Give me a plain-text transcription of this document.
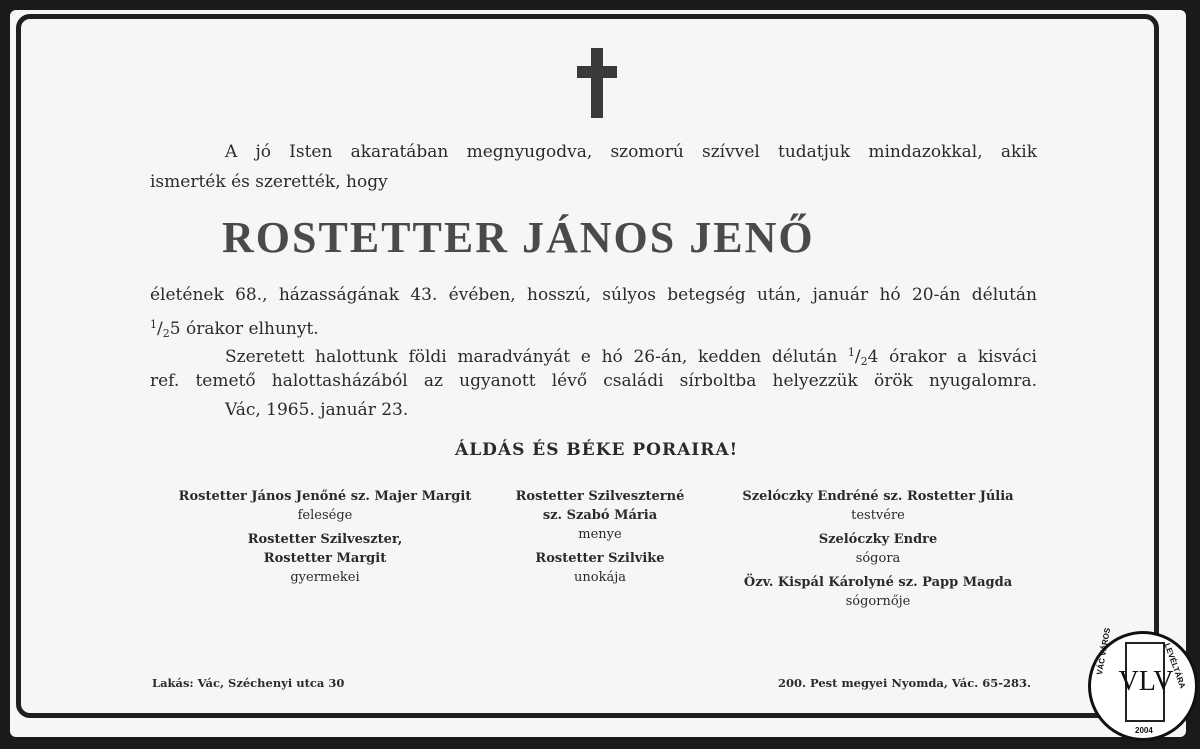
A jó Isten akaratában megnyugodva, szomorú szívvel tudatjuk mindazokkal, akik
ismerték és szerették, hogy
ROSTETTER JÁNOS JENŐ
életének 68., házasságának 43. évében, hosszú, súlyos betegség után, január hó 20-án délután
$^1/_25$ órakor elhunyt.
Szeretett halottunk földi maradványát e hó 26-án, kedden délután $^1/_24$ órakor a kisváci
ref. temető halottasházából az ugyanott lévő családi sírboltba helyezzük örök nyugalomra.
Vác, 1965. január 23.
ÁLDÁS ÉS BÉKE PORAIRA!
Rostetter János Jenőné sz. Majer Margit
felesége
Rostetter Szilveszter,
Rostetter Margit
gyermekei
Rostetter Szilveszterné
sz. Szabó Mária
menye
Rostetter Szilvike
unokája
Szelóczky Endréné sz. Rostetter Júlia
testvére
Szelóczky Endre
sógora
Özv. Kispál Károlyné sz. Papp Magda
sógornője
Lakás: Vác, Széchenyi utca 30	200. Pest megyei Nyomda, Vác. 65-283.	VLV
VÁC VÁROS	LEVÉLTÁRA
2004
